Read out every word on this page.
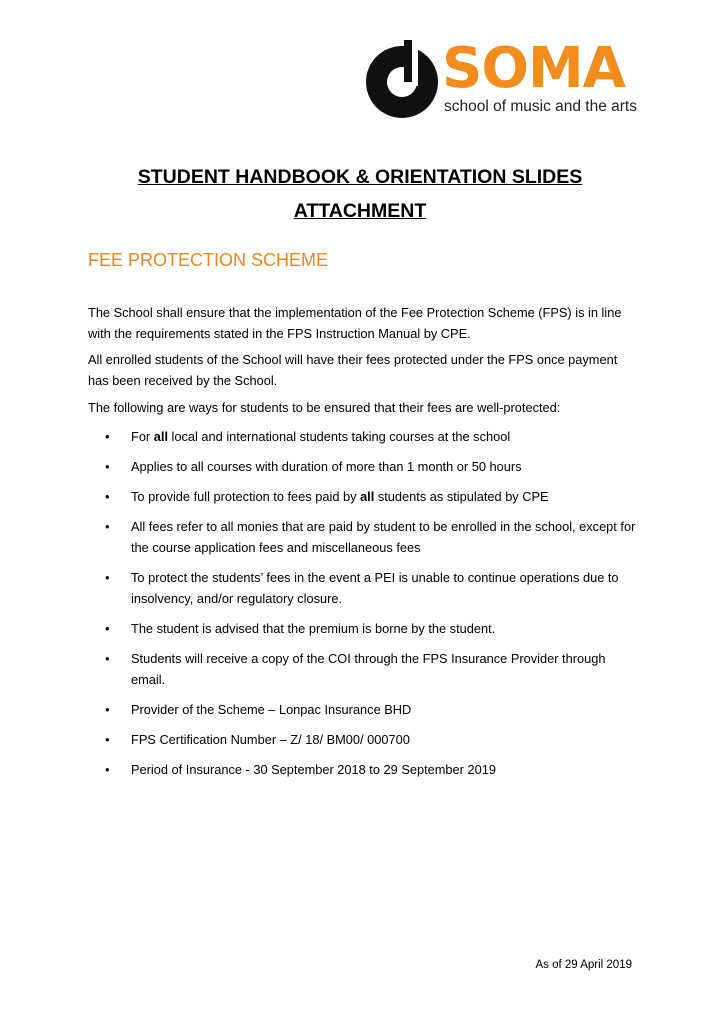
SOMA
school of music and the arts
STUDENT HANDBOOK & ORIENTATION SLIDES
ATTACHMENT
FEE PROTECTION SCHEME

The School shall ensure that the implementation of the Fee Protection Scheme (FPS) is in line with the requirements stated in the FPS Instruction Manual by CPE.

All enrolled students of the School will have their fees protected under the FPS once payment has been received by the School.

The following are ways for students to be ensured that their fees are well-protected:

• For all local and international students taking courses at the school
• Applies to all courses with duration of more than 1 month or 50 hours
• To provide full protection to fees paid by all students as stipulated by CPE
• All fees refer to all monies that are paid by student to be enrolled in the school, except for the course application fees and miscellaneous fees
• To protect the students’ fees in the event a PEI is unable to continue operations due to insolvency, and/or regulatory closure.
• The student is advised that the premium is borne by the student.
• Students will receive a copy of the COI through the FPS Insurance Provider through email.
• Provider of the Scheme – Lonpac Insurance BHD
• FPS Certification Number – Z/ 18/ BM00/ 000700
• Period of Insurance - 30 September 2018 to 29 September 2019
As of 29 April 2019
